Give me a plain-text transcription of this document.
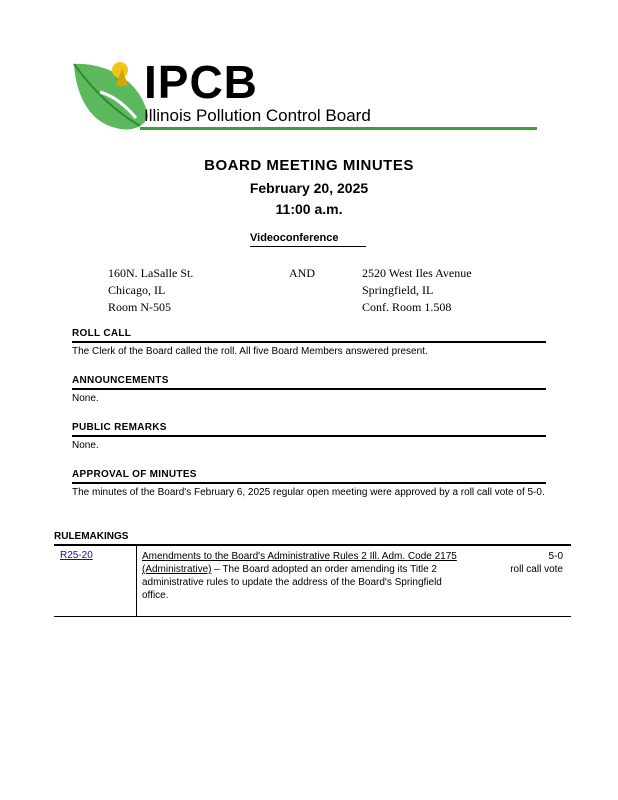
IPCB
Illinois Pollution Control Board
BOARD MEETING MINUTES
February 20, 2025
11:00 a.m.
Videoconference
160N. LaSalle St.
Chicago, IL
Room N-505
AND	2520 West Iles Avenue
Springfield, IL
Conf. Room 1.508
ROLL CALL
The Clerk of the Board called the roll. All five Board Members answered present.
ANNOUNCEMENTS
None.
PUBLIC REMARKS
None.
APPROVAL OF MINUTES
The minutes of the Board's February 6, 2025 regular open meeting were approved by a roll call vote of 5-0.
RULEMAKINGS
R25-20	Amendments to the Board's Administrative Rules 2 Ill. Adm. Code 2175 (Administrative) – The Board adopted an order amending its Title 2 administrative rules to update the address of the Board's Springfield office.
5-0
roll call vote
